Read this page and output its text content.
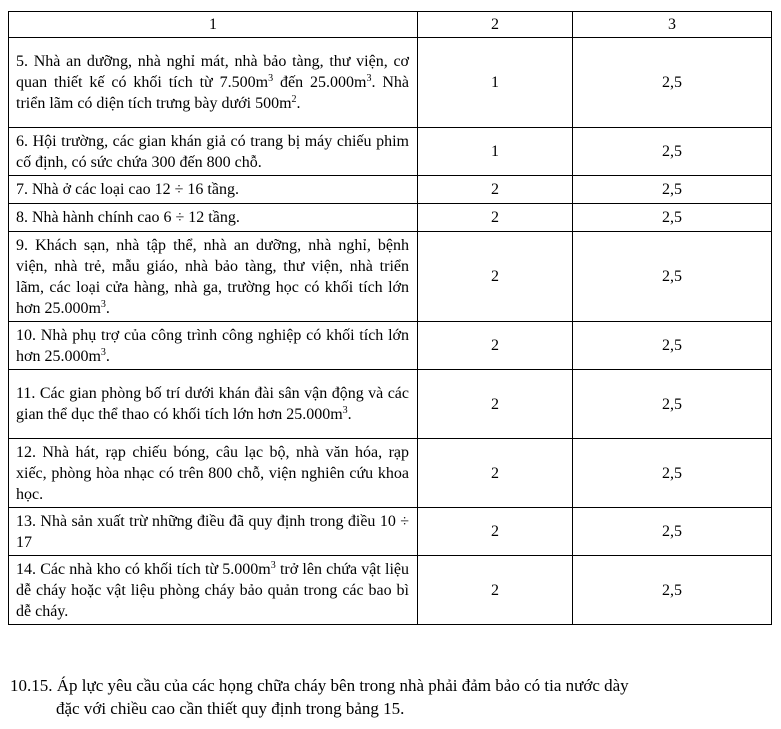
1	2	3
5. Nhà an dưỡng, nhà nghỉ mát, nhà bảo tàng, thư viện, cơ quan thiết kế có khối tích từ $7.500m^3$ đến $25.000m^3$. Nhà triển lãm có diện tích trưng bày dưới $500m^2$.	1	2,5
6. Hội trường, các gian khán giả có trang bị máy chiếu phim cố định, có sức chứa 300 đến 800 chỗ.	1	2,5
7. Nhà ở các loại cao 12 ÷ 16 tầng.	2	2,5
8. Nhà hành chính cao 6 ÷ 12 tầng.	2	2,5
9. Khách sạn, nhà tập thể, nhà an dưỡng, nhà nghỉ, bệnh viện, nhà trẻ, mẫu giáo, nhà bảo tàng, thư viện, nhà triển lãm, các loại cửa hàng, nhà ga, trường học có khối tích lớn hơn $25.000m^3$.	2	2,5
10. Nhà phụ trợ của công trình công nghiệp có khối tích lớn hơn $25.000m^3$.	2	2,5
11. Các gian phòng bố trí dưới khán đài sân vận động và các gian thể dục thể thao có khối tích lớn hơn $25.000m^3$.	2	2,5
12. Nhà hát, rạp chiếu bóng, câu lạc bộ, nhà văn hóa, rạp xiếc, phòng hòa nhạc có trên 800 chỗ, viện nghiên cứu khoa học.	2	2,5
13. Nhà sản xuất trừ những điều đã quy định trong điều 10 ÷ 17	2	2,5
14. Các nhà kho có khối tích từ $5.000m^3$ trở lên chứa vật liệu dễ cháy hoặc vật liệu phòng cháy bảo quản trong các bao bì dễ cháy.	2	2,5
10.15. Áp lực yêu cầu của các họng chữa cháy bên trong nhà phải đảm bảo có tia nước dày
đặc với chiều cao cần thiết quy định trong bảng 15.
